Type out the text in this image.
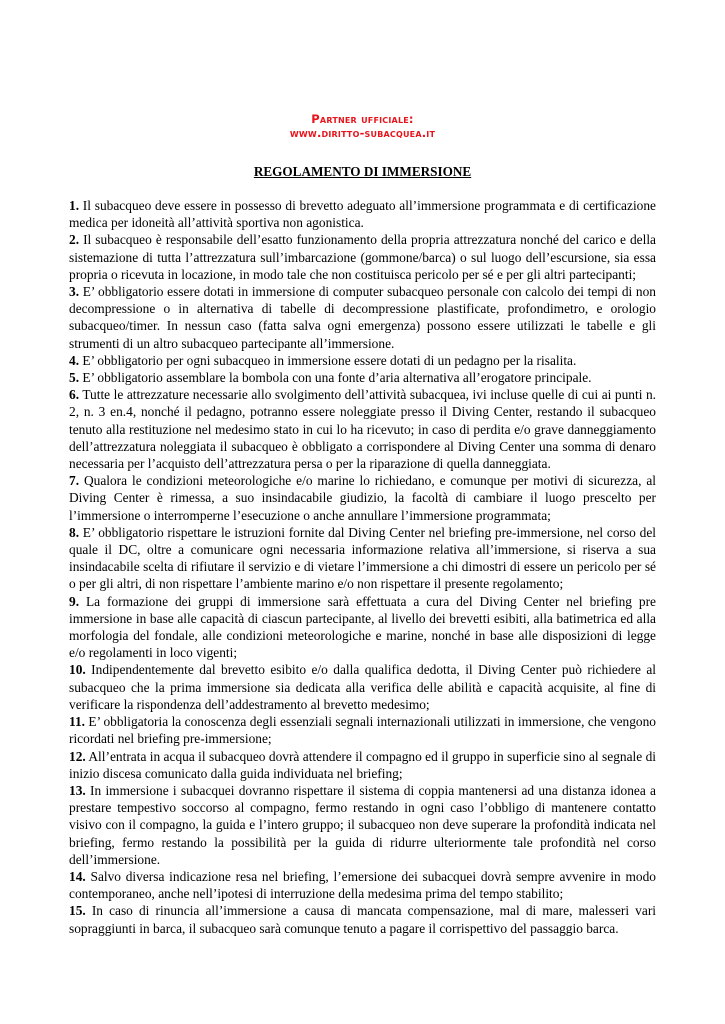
Partner ufficiale:
www.diritto-subacquea.it
REGOLAMENTO DI IMMERSIONE

1. Il subacqueo deve essere in possesso di brevetto adeguato all’immersione programmata e di certificazione medica per idoneità all’attività sportiva non agonistica.

2. Il subacqueo è responsabile dell’esatto funzionamento della propria attrezzatura nonché del carico e della sistemazione di tutta l’attrezzatura sull’imbarcazione (gommone/barca) o sul luogo dell’escursione, sia essa propria o ricevuta in locazione, in modo tale che non costituisca pericolo per sé e per gli altri partecipanti;

3. E’ obbligatorio essere dotati in immersione di computer subacqueo personale con calcolo dei tempi di non decompressione o in alternativa di tabelle di decompressione plastificate, profondimetro, e orologio subacqueo/timer. In nessun caso (fatta salva ogni emergenza) possono essere utilizzati le tabelle e gli strumenti di un altro subacqueo partecipante all’immersione.

4. E’ obbligatorio per ogni subacqueo in immersione essere dotati di un pedagno per la risalita.

5. E’ obbligatorio assemblare la bombola con una fonte d’aria alternativa all’erogatore principale.

6. Tutte le attrezzature necessarie allo svolgimento dell’attività subacquea, ivi incluse quelle di cui ai punti n. 2, n. 3 en.4, nonché il pedagno, potranno essere noleggiate presso il Diving Center, restando il subacqueo tenuto alla restituzione nel medesimo stato in cui lo ha ricevuto; in caso di perdita e/o grave danneggiamento dell’attrezzatura noleggiata il subacqueo è obbligato a corrispondere al Diving Center una somma di denaro necessaria per l’acquisto dell’attrezzatura persa o per la riparazione di quella danneggiata.

7. Qualora le condizioni meteorologiche e/o marine lo richiedano, e comunque per motivi di sicurezza, al Diving Center è rimessa, a suo insindacabile giudizio, la facoltà di cambiare il luogo prescelto per l’immersione o interromperne l’esecuzione o anche annullare l’immersione programmata;

8. E’ obbligatorio rispettare le istruzioni fornite dal Diving Center nel briefing pre-immersione, nel corso del quale il DC, oltre a comunicare ogni necessaria informazione relativa all’immersione, si riserva a sua insindacabile scelta di rifiutare il servizio e di vietare l’immersione a chi dimostri di essere un pericolo per sé o per gli altri, di non rispettare l’ambiente marino e/o non rispettare il presente regolamento;

9. La formazione dei gruppi di immersione sarà effettuata a cura del Diving Center nel briefing pre immersione in base alle capacità di ciascun partecipante, al livello dei brevetti esibiti, alla batimetrica ed alla morfologia del fondale, alle condizioni meteorologiche e marine, nonché in base alle disposizioni di legge e/o regolamenti in loco vigenti;

10. Indipendentemente dal brevetto esibito e/o dalla qualifica dedotta, il Diving Center può richiedere al subacqueo che la prima immersione sia dedicata alla verifica delle abilità e capacità acquisite, al fine di verificare la rispondenza dell’addestramento al brevetto medesimo;

11. E’ obbligatoria la conoscenza degli essenziali segnali internazionali utilizzati in immersione, che vengono ricordati nel briefing pre-immersione;

12. All’entrata in acqua il subacqueo dovrà attendere il compagno ed il gruppo in superficie sino al segnale di inizio discesa comunicato dalla guida individuata nel briefing;

13. In immersione i subacquei dovranno rispettare il sistema di coppia mantenersi ad una distanza idonea a prestare tempestivo soccorso al compagno, fermo restando in ogni caso l’obbligo di mantenere contatto visivo con il compagno, la guida e l’intero gruppo; il subacqueo non deve superare la profondità indicata nel briefing, fermo restando la possibilità per la guida di ridurre ulteriormente tale profondità nel corso dell’immersione.

14. Salvo diversa indicazione resa nel briefing, l’emersione dei subacquei dovrà sempre avvenire in modo contemporaneo, anche nell’ipotesi di interruzione della medesima prima del tempo stabilito;

15. In caso di rinuncia all’immersione a causa di mancata compensazione, mal di mare, malesseri vari sopraggiunti in barca, il subacqueo sarà comunque tenuto a pagare il corrispettivo del passaggio barca.
